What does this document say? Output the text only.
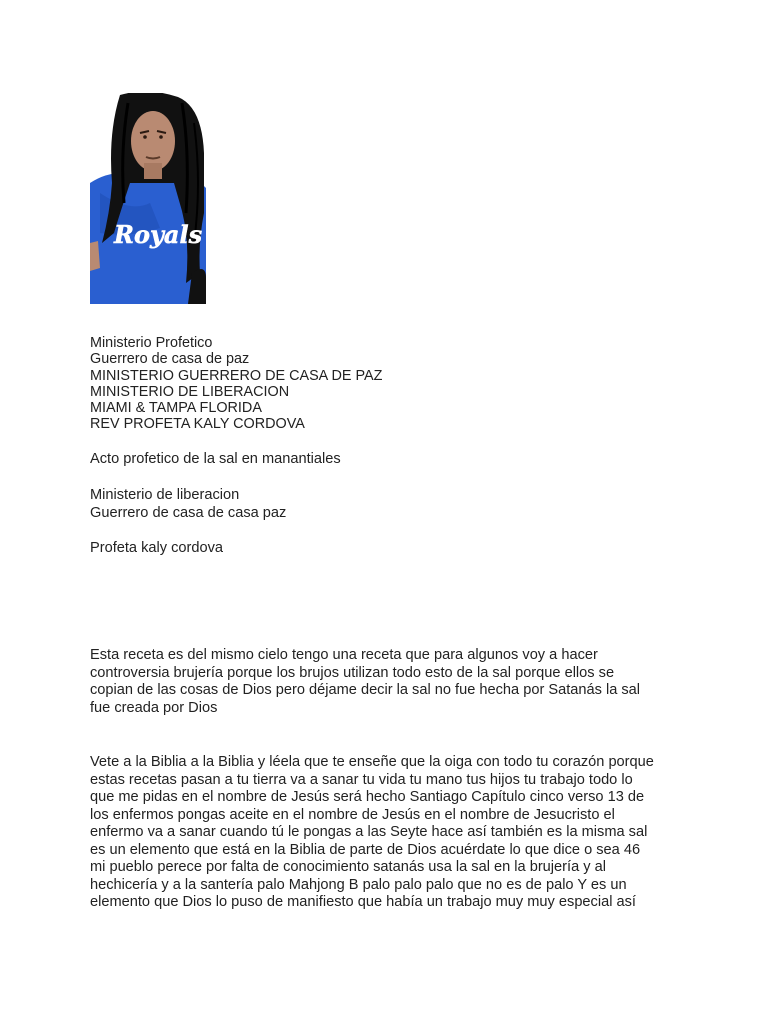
Royals
Ministerio Profetico
Guerrero de casa de paz
MINISTERIO GUERRERO DE CASA DE PAZ
MINISTERIO DE LIBERACION
MIAMI & TAMPA FLORIDA
REV PROFETA KALY CORDOVA
Acto profetico de la sal en manantiales
Ministerio de liberacion
Guerrero de casa de casa paz
Profeta kaly cordova
Esta receta es del mismo cielo tengo una receta que para algunos voy a hacer
controversia brujería porque los brujos utilizan todo esto de la sal porque ellos se
copian de las cosas de Dios pero déjame decir la sal no fue hecha por Satanás la sal
fue creada por Dios
Vete a la Biblia a la Biblia y léela que te enseñe que la oiga con todo tu corazón porque
estas recetas pasan a tu tierra va a sanar tu vida tu mano tus hijos tu trabajo todo lo
que me pidas en el nombre de Jesús será hecho Santiago Capítulo cinco verso 13 de
los enfermos pongas aceite en el nombre de Jesús en el nombre de Jesucristo el
enfermo va a sanar cuando tú le pongas a las Seyte hace así también es la misma sal
es un elemento que está en la Biblia de parte de Dios acuérdate lo que dice o sea 46
mi pueblo perece por falta de conocimiento satanás usa la sal en la brujería y al
hechicería y a la santería palo Mahjong B palo palo palo que no es de palo Y es un
elemento que Dios lo puso de manifiesto que había un trabajo muy muy especial así
